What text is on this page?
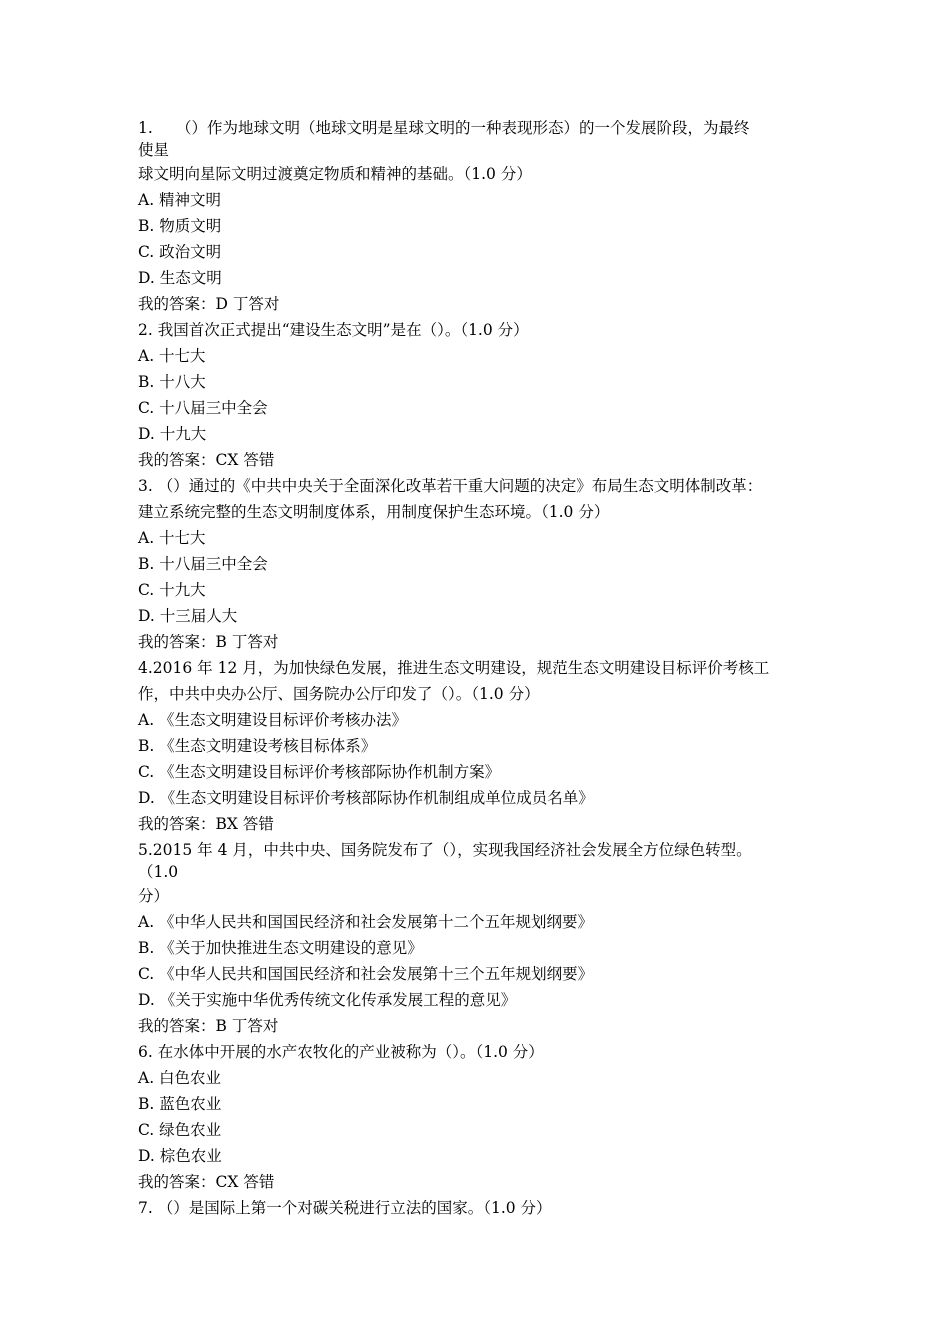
1.　　（）作为地球文明（地球文明是星球文明的一种表现形态）的一个发展阶段，为最终
使星
球文明向星际文明过渡奠定物质和精神的基础。（1.0 分）
A. 精神文明
B. 物质文明
C. 政治文明
D. 生态文明
我的答案：D 丁答对
2. 我国首次正式提出“建设生态文明”是在（）。（1.0 分）
A. 十七大
B. 十八大
C. 十八届三中全会
D. 十九大
我的答案：CX 答错
3. （）通过的《中共中央关于全面深化改革若干重大问题的决定》布局生态文明体制改革：
建立系统完整的生态文明制度体系，用制度保护生态环境。（1.0 分）
A. 十七大
B. 十八届三中全会
C. 十九大
D. 十三届人大
我的答案：B 丁答对
4.2016 年 12 月，为加快绿色发展，推进生态文明建设，规范生态文明建设目标评价考核工
作，中共中央办公厅、国务院办公厅印发了（）。（1.0 分）
A. 《生态文明建设目标评价考核办法》
B. 《生态文明建设考核目标体系》
C. 《生态文明建设目标评价考核部际协作机制方案》
D. 《生态文明建设目标评价考核部际协作机制组成单位成员名单》
我的答案：BX 答错
5.2015 年 4 月，中共中央、国务院发布了（），实现我国经济社会发展全方位绿色转型。
（1.0
分）
A. 《中华人民共和国国民经济和社会发展第十二个五年规划纲要》
B. 《关于加快推进生态文明建设的意见》
C. 《中华人民共和国国民经济和社会发展第十三个五年规划纲要》
D. 《关于实施中华优秀传统文化传承发展工程的意见》
我的答案：B 丁答对
6. 在水体中开展的水产农牧化的产业被称为（）。（1.0 分）
A. 白色农业
B. 蓝色农业
C. 绿色农业
D. 棕色农业
我的答案：CX 答错
7. （）是国际上第一个对碳关税进行立法的国家。（1.0 分）
